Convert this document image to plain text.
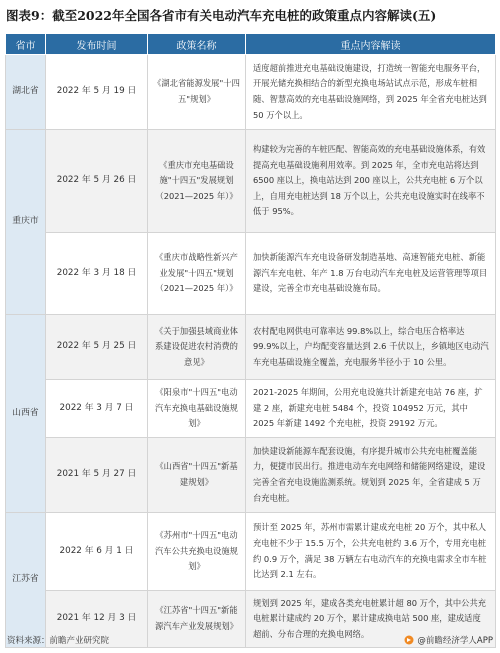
图表9：截至2022年全国各省市有关电动汽车充电桩的政策重点内容解读(五)
省市	发布时间	政策名称	重点内容解读
湖北省	2022 年 5 月 19 日	《湖北省能源发展"十四五"规划》	适度超前推进充电基础设施建设，打造统一智能充电服务平台，开展光储充换相结合的新型充换电场站试点示范，形成车桩相随、智慧高效的充电基础设施网络，到 2025 年全省充电桩达到 50 万个以上。
重庆市	2022 年 5 月 26 日	《重庆市充电基础设施"十四五"发展规划（2021—2025 年）》	构建较为完善的车桩匹配、智能高效的充电基础设施体系，有效提高充电基础设施利用效率。到 2025 年，全市充电站将达到 6500 座以上，换电站达到 200 座以上，公共充电桩 6 万个以上，自用充电桩达到 18 万个以上，公共充电设施实时在线率不低于 95%。
	2022 年 3 月 18 日	《重庆市战略性新兴产业发展"十四五"规划（2021—2025 年）》	加快新能源汽车充电设备研发制造基地、高速智能充电桩、新能源汽车充电桩、年产 1.8 万台电动汽车充电桩及运营管理等项目建设，完善全市充电基础设施布局。
山西省	2022 年 5 月 25 日	《关于加强县域商业体系建设促进农村消费的意见》	农村配电网供电可靠率达 99.8%以上，综合电压合格率达 99.9%以上，户均配变容量达到 2.6 千伏以上，乡镇地区电动汽车充电基础设施全覆盖，充电服务半径小于 10 公里。
	2022 年 3 月 7 日	《阳泉市"十四五"电动汽车充换电基础设施规划》	2021-2025 年期间，公用充电设施共计新建充电站 76 座，扩建 2 座，新建充电桩 5484 个，投资 104952 万元，其中 2025 年新建 1492 个充电桩，投资 29192 万元。
	2021 年 5 月 27 日	《山西省"十四五"新基建规划》	加快建设新能源车配套设施，有序提升城市公共充电桩覆盖能力，便捷市民出行。推进电动车充电网络和储能网络建设，建设完善全省充电设施监测系统。规划到 2025 年，全省建成 5 万台充电桩。
江苏省	2022 年 6 月 1 日	《苏州市"十四五"电动汽车公共充换电设施规划》	预计至 2025 年，苏州市需累计建成充电桩 20 万个，其中私人充电桩不少于 15.5 万个，公共充电桩约 3.6 万个，专用充电桩约 0.9 万个，满足 38 万辆左右电动汽车的充换电需求全市车桩比达到 2.1 左右。
	2021 年 12 月 3 日	《江苏省"十四五"新能源汽车产业发展规划》	规划到 2025 年，建成各类充电桩累计超 80 万个，其中公共充电桩累计建成约 20 万个，累计建成换电站 500 座，建成适度超前、分布合理的充换电网络。
资料来源：前瞻产业研究院	@前瞻经济学人APP
